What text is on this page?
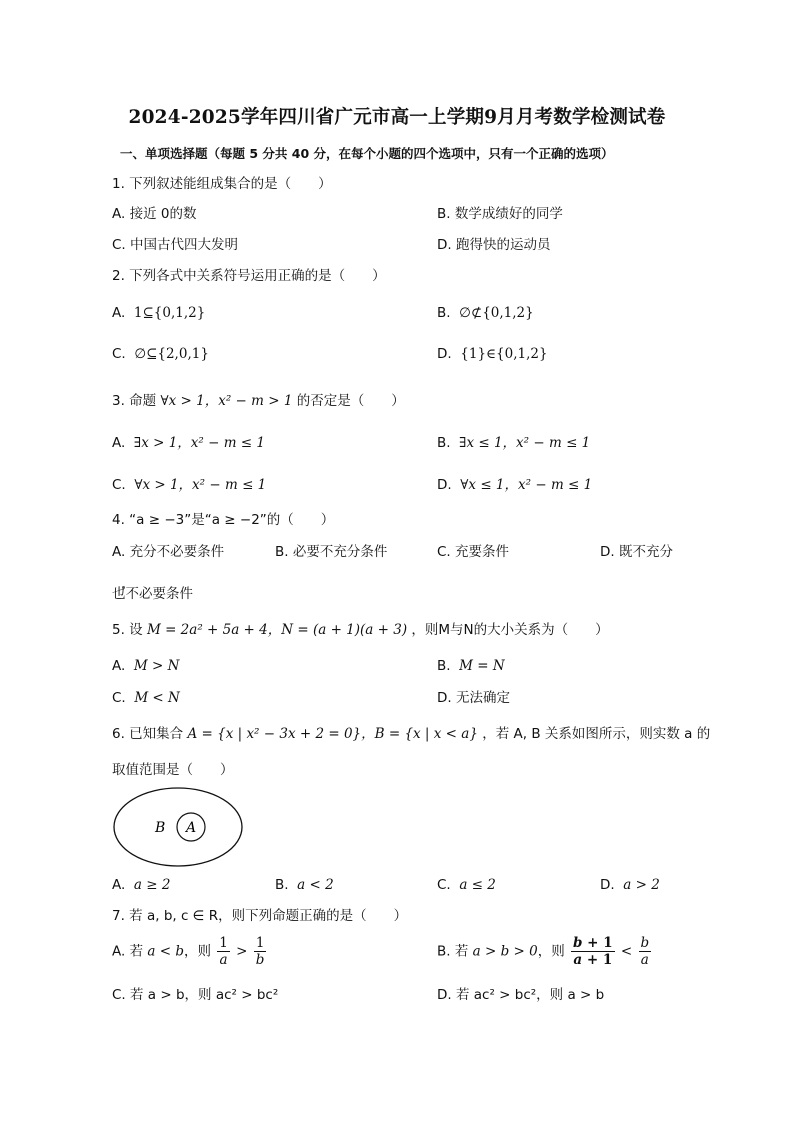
2024-2025学年四川省广元市高一上学期9月月考数学检测试卷
一、单项选择题（每题 5 分共 40 分，在每个小题的四个选项中，只有一个正确的选项）
1. 下列叙述能组成集合的是（　　）
A. 接近 0的数	B. 数学成绩好的同学
C. 中国古代四大发明	D. 跑得快的运动员
2. 下列各式中关系符号运用正确的是（　　）
A.  1⊆{0,1,2}	B.  ∅⊄{0,1,2}
C.  ∅⊆{2,0,1}	D.  {1}∈{0,1,2}
3. 命题 ∀x > 1，x² − m > 1 的否定是（　　）
A.  ∃x > 1，x² − m ≤ 1	B.  ∃x ≤ 1，x² − m ≤ 1
C.  ∀x > 1，x² − m ≤ 1	D.  ∀x ≤ 1，x² − m ≤ 1
4. “a ≥ −3”是“a ≥ −2”的（　　）
A. 充分不必要条件	B. 必要不充分条件	C. 充要条件	D. 既不充分
也不必要条件
5. 设 M = 2a² + 5a + 4，N = (a + 1)(a + 3) ，则M与N的大小关系为（　　）
A.  M > N	B.  M = N
C.  M < N	D. 无法确定
6. 已知集合 A = {x | x² − 3x + 2 = 0}，B = {x | x < a} ，若 A, B 关系如图所示，则实数 a 的
取值范围是（　　）
B A
A.  a ≥ 2	B.  a < 2	C.  a ≤ 2	D.  a > 2
7. 若 a, b, c ∈ R，则下列命题正确的是（　　）
A. 若 a < b，则 $\frac{1}{a} > \frac{1}{b}$	B. 若 a > b > 0，则 $\frac{b + 1}{a + 1} < \frac{b}{a}$
C. 若 a > b，则 ac² > bc²	D. 若 ac² > bc²，则 a > b
